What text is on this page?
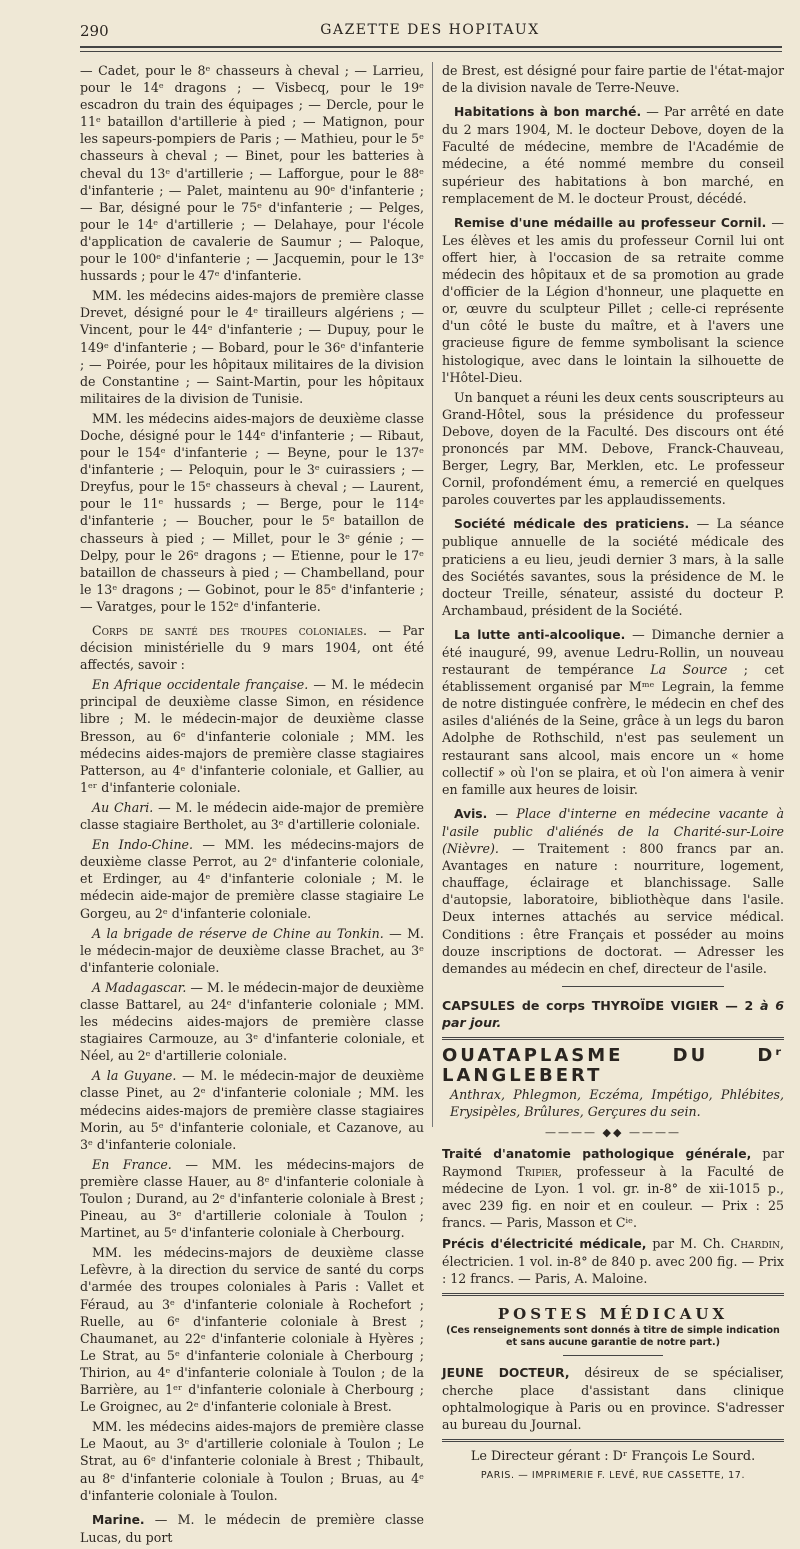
290	GAZETTE DES HOPITAUX

— Cadet, pour le 8ᵉ chasseurs à cheval ; — Larrieu, pour le 14ᵉ dragons ; — Visbecq, pour le 19ᵉ escadron du train des équipages ; — Dercle, pour le 11ᵉ bataillon d'artillerie à pied ; — Matignon, pour les sapeurs-pompiers de Paris ; — Mathieu, pour le 5ᵉ chasseurs à cheval ; — Binet, pour les batteries à cheval du 13ᵉ d'artillerie ; — Lafforgue, pour le 88ᵉ d'infanterie ; — Palet, maintenu au 90ᵉ d'infanterie ; — Bar, désigné pour le 75ᵉ d'infanterie ; — Pelges, pour le 14ᵉ d'artillerie ; — Delahaye, pour l'école d'application de cavalerie de Saumur ; — Paloque, pour le 100ᵉ d'infanterie ; — Jacquemin, pour le 13ᵉ hussards ; pour le 47ᵉ d'infanterie.

MM. les médecins aides-majors de première classe Drevet, désigné pour le 4ᵉ tirailleurs algériens ; — Vincent, pour le 44ᵉ d'infanterie ; — Dupuy, pour le 149ᵉ d'infanterie ; — Bobard, pour le 36ᵉ d'infanterie ; — Poirée, pour les hôpitaux militaires de la division de Constantine ; — Saint-Martin, pour les hôpitaux militaires de la division de Tunisie.

MM. les médecins aides-majors de deuxième classe Doche, désigné pour le 144ᵉ d'infanterie ; — Ribaut, pour le 154ᵉ d'infanterie ; — Beyne, pour le 137ᵉ d'infanterie ; — Peloquin, pour le 3ᵉ cuirassiers ; — Dreyfus, pour le 15ᵉ chasseurs à cheval ; — Laurent, pour le 11ᵉ hussards ; — Berge, pour le 114ᵉ d'infanterie ; — Boucher, pour le 5ᵉ bataillon de chasseurs à pied ; — Millet, pour le 3ᵉ génie ; — Delpy, pour le 26ᵉ dragons ; — Etienne, pour le 17ᵉ bataillon de chasseurs à pied ; — Chambelland, pour le 13ᵉ dragons ; — Gobinot, pour le 85ᵉ d'infanterie ; — Varatges, pour le 152ᵉ d'infanterie.

Corps de santé des troupes coloniales. — Par décision ministérielle du 9 mars 1904, ont été affectés, savoir :

En Afrique occidentale française. — M. le médecin principal de deuxième classe Simon, en résidence libre ; M. le médecin-major de deuxième classe Bresson, au 6ᵉ d'infanterie coloniale ; MM. les médecins aides-majors de première classe stagiaires Patterson, au 4ᵉ d'infanterie coloniale, et Gallier, au 1ᵉʳ d'infanterie coloniale.

Au Chari. — M. le médecin aide-major de première classe stagiaire Bertholet, au 3ᵉ d'artillerie coloniale.

En Indo-Chine. — MM. les médecins-majors de deuxième classe Perrot, au 2ᵉ d'infanterie coloniale, et Erdinger, au 4ᵉ d'infanterie coloniale ; M. le médecin aide-major de première classe stagiaire Le Gorgeu, au 2ᵉ d'infanterie coloniale.

A la brigade de réserve de Chine au Tonkin. — M. le médecin-major de deuxième classe Brachet, au 3ᵉ d'infanterie coloniale.

A Madagascar. — M. le médecin-major de deuxième classe Battarel, au 24ᵉ d'infanterie coloniale ; MM. les médecins aides-majors de première classe stagiaires Carmouze, au 3ᵉ d'infanterie coloniale, et Néel, au 2ᵉ d'artillerie coloniale.

A la Guyane. — M. le médecin-major de deuxième classe Pinet, au 2ᵉ d'infanterie coloniale ; MM. les médecins aides-majors de première classe stagiaires Morin, au 5ᵉ d'infanterie coloniale, et Cazanove, au 3ᵉ d'infanterie coloniale.

En France. — MM. les médecins-majors de première classe Hauer, au 8ᵉ d'infanterie coloniale à Toulon ; Durand, au 2ᵉ d'infanterie coloniale à Brest ; Pineau, au 3ᵉ d'artillerie coloniale à Toulon ; Martinet, au 5ᵉ d'infanterie coloniale à Cherbourg.

MM. les médecins-majors de deuxième classe Lefèvre, à la direction du service de santé du corps d'armée des troupes coloniales à Paris : Vallet et Féraud, au 3ᵉ d'infanterie coloniale à Rochefort ; Ruelle, au 6ᵉ d'infanterie coloniale à Brest ; Chaumanet, au 22ᵉ d'infanterie coloniale à Hyères ; Le Strat, au 5ᵉ d'infanterie coloniale à Cherbourg ; Thirion, au 4ᵉ d'infanterie coloniale à Toulon ; de la Barrière, au 1ᵉʳ d'infanterie coloniale à Cherbourg ; Le Groignec, au 2ᵉ d'infanterie coloniale à Brest.

MM. les médecins aides-majors de première classe Le Maout, au 3ᵉ d'artillerie coloniale à Toulon ; Le Strat, au 6ᵉ d'infanterie coloniale à Brest ; Thibault, au 8ᵉ d'infanterie coloniale à Toulon ; Bruas, au 4ᵉ d'infanterie coloniale à Toulon.

Marine. — M. le médecin de première classe Lucas, du port

de Brest, est désigné pour faire partie de l'état-major de la division navale de Terre-Neuve.

Habitations à bon marché. — Par arrêté en date du 2 mars 1904, M. le docteur Debove, doyen de la Faculté de médecine, membre de l'Académie de médecine, a été nommé membre du conseil supérieur des habitations à bon marché, en remplacement de M. le docteur Proust, décédé.

Remise d'une médaille au professeur Cornil. — Les élèves et les amis du professeur Cornil lui ont offert hier, à l'occasion de sa retraite comme médecin des hôpitaux et de sa promotion au grade d'officier de la Légion d'honneur, une plaquette en or, œuvre du sculpteur Pillet ; celle-ci représente d'un côté le buste du maître, et à l'avers une gracieuse figure de femme symbolisant la science histologique, avec dans le lointain la silhouette de l'Hôtel-Dieu.

Un banquet a réuni les deux cents souscripteurs au Grand-Hôtel, sous la présidence du professeur Debove, doyen de la Faculté. Des discours ont été prononcés par MM. Debove, Franck-Chauveau, Berger, Legry, Bar, Merklen, etc. Le professeur Cornil, profondément ému, a remercié en quelques paroles couvertes par les applaudissements.

Société médicale des praticiens. — La séance publique annuelle de la société médicale des praticiens a eu lieu, jeudi dernier 3 mars, à la salle des Sociétés savantes, sous la présidence de M. le docteur Treille, sénateur, assisté du docteur P. Archambaud, président de la Société.

La lutte anti-alcoolique. — Dimanche dernier a été inauguré, 99, avenue Ledru-Rollin, un nouveau restaurant de tempérance La Source ; cet établissement organisé par Mᵐᵉ Legrain, la femme de notre distinguée confrère, le médecin en chef des asiles d'aliénés de la Seine, grâce à un legs du baron Adolphe de Rothschild, n'est pas seulement un restaurant sans alcool, mais encore un « home collectif » où l'on se plaira, et où l'on aimera à venir en famille aux heures de loisir.

Avis. — Place d'interne en médecine vacante à l'asile public d'aliénés de la Charité-sur-Loire (Nièvre). — Traitement : 800 francs par an. Avantages en nature : nourriture, logement, chauffage, éclairage et blanchissage. Salle d'autopsie, laboratoire, bibliothèque dans l'asile. Deux internes attachés au service médical. Conditions : être Français et posséder au moins douze inscriptions de doctorat. — Adresser les demandes au médecin en chef, directeur de l'asile.

CAPSULES de corps THYROÏDE VIGIER — 2 à 6 par jour.
OUATAPLASME DU Dʳ LANGLEBERT
Anthrax, Phlegmon, Eczéma, Impétigo, Phlébites, Erysipèles, Brûlures, Gerçures du sein.
———— ◆◆ ————

Traité d'anatomie pathologique générale, par Raymond Tripier, professeur à la Faculté de médecine de Lyon. 1 vol. gr. in-8° de xii-1015 p., avec 239 fig. en noir et en couleur. — Prix : 25 francs. — Paris, Masson et Cⁱᵉ.

Précis d'électricité médicale, par M. Ch. Chardin, électricien. 1 vol. in-8° de 840 p. avec 200 fig. — Prix : 12 francs. — Paris, A. Maloine.

POSTES MÉDICAUX
(Ces renseignements sont donnés à titre de simple indication
et sans aucune garantie de notre part.)

JEUNE DOCTEUR, désireux de se spécialiser, cherche place d'assistant dans clinique ophtalmologique à Paris ou en province. S'adresser au bureau du Journal.

Le Directeur gérant : Dʳ François Le Sourd.
PARIS. — IMPRIMERIE F. LEVÉ, RUE CASSETTE, 17.
